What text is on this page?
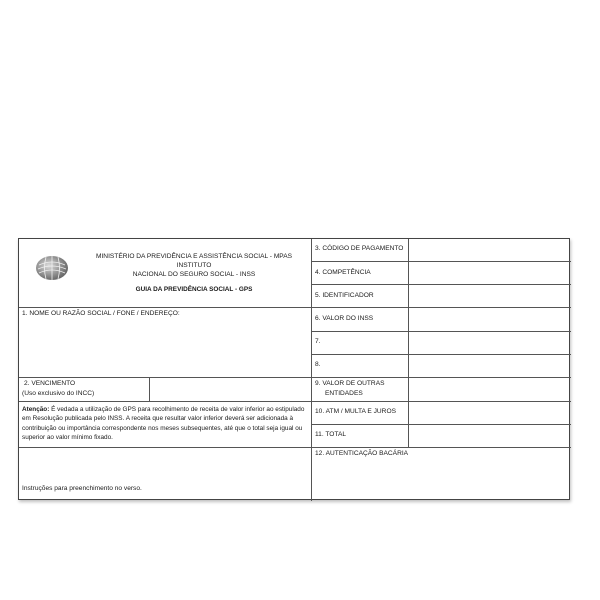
MINISTÉRIO DA PREVIDÊNCIA E ASSISTÊNCIA SOCIAL - MPAS INSTITUTO
NACIONAL DO SEGURO SOCIAL - INSS
GUIA DA PREVIDÊNCIA SOCIAL - GPS
3. CÓDIGO DE PAGAMENTO
4. COMPETÊNCIA
5. IDENTIFICADOR
6. VALOR DO INSS
7.
8.
9. VALOR DE OUTRAS
ENTIDADES
10. ATM / MULTA E JUROS
11. TOTAL
12. AUTENTICAÇÃO BACÁRIA
1. NOME OU RAZÃO SOCIAL / FONE / ENDEREÇO:
2. VENCIMENTO
(Uso exclusivo do INCC)
Atenção: É vedada a utilização de GPS para recolhimento de receita de valor inferior ao estipulado em Resolução publicada pelo INSS. A receita que resultar valor inferior deverá ser adicionada à contribuição ou importância correspondente nos meses subsequentes, até que o total seja igual ou superior ao valor mínimo fixado.
Instruções para preenchimento no verso.
